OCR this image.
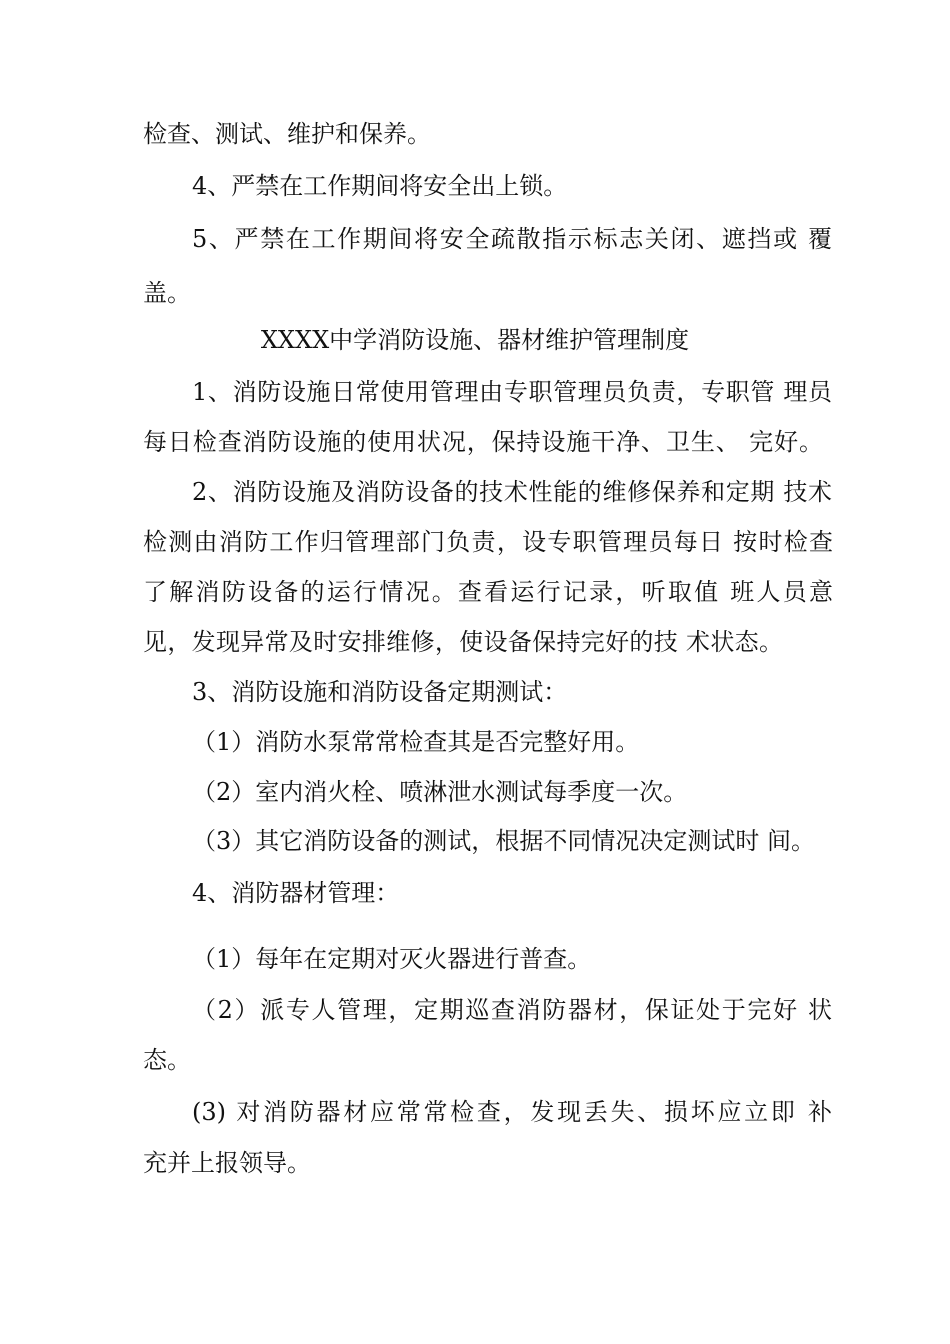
检查、测试、维护和保养。
4、严禁在工作期间将安全出上锁。
5、严禁在工作期间将安全疏散指示标志关闭、遮挡或 覆
盖。
XXXX中学消防设施、器材维护管理制度
1、消防设施日常使用管理由专职管理员负责，专职管 理员
每日检查消防设施的使用状况，保持设施干净、卫生、 完好。
2、消防设施及消防设备的技术性能的维修保养和定期 技术
检测由消防工作归管理部门负责，设专职管理员每日 按时检查
了解消防设备的运行情况。查看运行记录，听取值 班人员意
见，发现异常及时安排维修，使设备保持完好的技 术状态。
3、消防设施和消防设备定期测试：
（1）消防水泵常常检查其是否完整好用。
（2）室内消火栓、喷淋泄水测试每季度一次。
（3）其它消防设备的测试，根据不同情况决定测试时 间。
4、消防器材管理：
（1）每年在定期对灭火器进行普查。
（2）派专人管理，定期巡查消防器材，保证处于完好 状
态。
(3) 对消防器材应常常检查，发现丢失、损坏应立即 补
充并上报领导。
